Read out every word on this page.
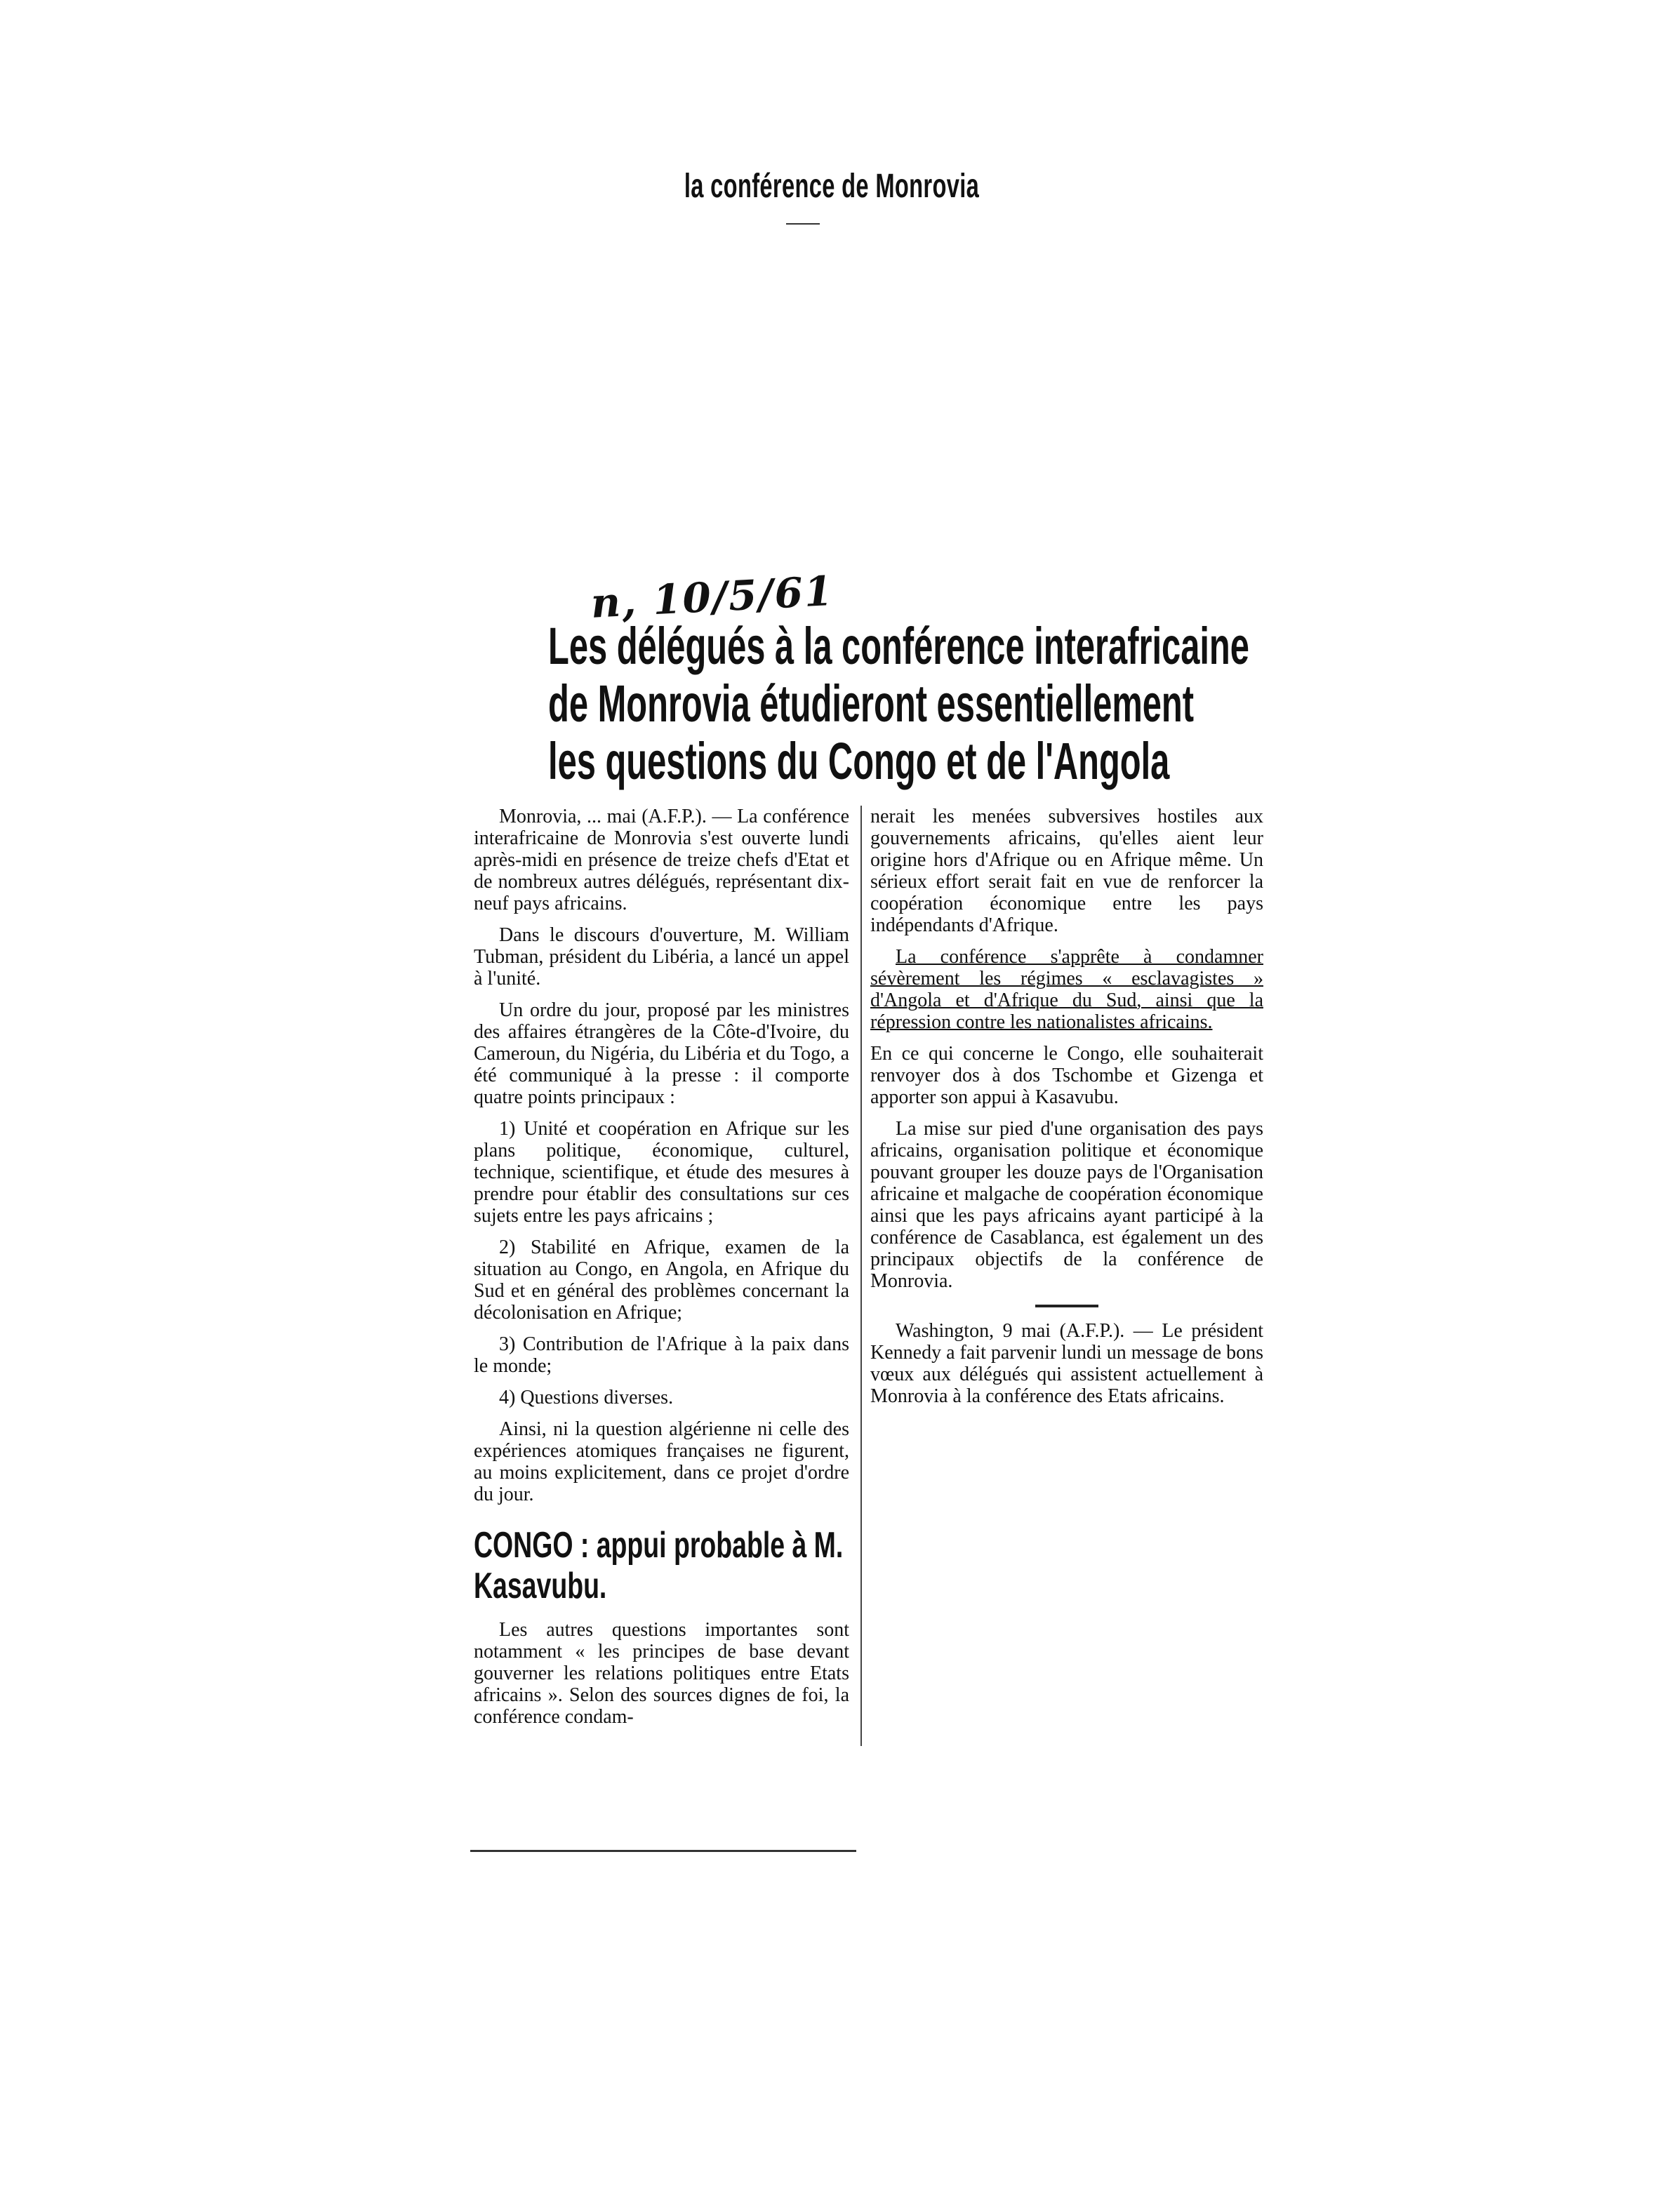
la conférence de Monrovia
n, 10/5/61
Les délégués à la conférence interafricaine
de Monrovia étudieront essentiellement
les questions du Congo et de l'Angola

Monrovia, ... mai (A.F.P.). — La conférence interafricaine de Monrovia s'est ouverte lundi après-midi en présence de treize chefs d'Etat et de nombreux autres délégués, représentant dix-neuf pays africains.

Dans le discours d'ouverture, M. William Tubman, président du Libéria, a lancé un appel à l'unité.

Un ordre du jour, proposé par les ministres des affaires étrangères de la Côte-d'Ivoire, du Cameroun, du Nigéria, du Libéria et du Togo, a été communiqué à la presse : il comporte quatre points principaux :

1) Unité et coopération en Afrique sur les plans politique, économique, culturel, technique, scientifique, et étude des mesures à prendre pour établir des consultations sur ces sujets entre les pays africains ;

2) Stabilité en Afrique, examen de la situation au Congo, en Angola, en Afrique du Sud et en général des problèmes concernant la décolonisation en Afrique;

3) Contribution de l'Afrique à la paix dans le monde;

4) Questions diverses.

Ainsi, ni la question algérienne ni celle des expériences atomiques françaises ne figurent, au moins explicitement, dans ce projet d'ordre du jour.

CONGO : appui probable à M. Kasavubu.

Les autres questions importantes sont notamment « les principes de base devant gouverner les relations politiques entre Etats africains ». Selon des sources dignes de foi, la conférence condam-

nerait les menées subversives hostiles aux gouvernements africains, qu'elles aient leur origine hors d'Afrique ou en Afrique même. Un sérieux effort serait fait en vue de renforcer la coopération économique entre les pays indépendants d'Afrique.

La conférence s'apprête à condamner sévèrement les régimes « esclavagistes » d'Angola et d'Afrique du Sud, ainsi que la répression contre les nationalistes africains.

En ce qui concerne le Congo, elle souhaiterait renvoyer dos à dos Tschombe et Gizenga et apporter son appui à Kasavubu.

La mise sur pied d'une organisation des pays africains, organisation politique et économique pouvant grouper les douze pays de l'Organisation africaine et malgache de coopération économique ainsi que les pays africains ayant participé à la conférence de Casablanca, est également un des principaux objectifs de la conférence de Monrovia.

Washington, 9 mai (A.F.P.). — Le président Kennedy a fait parvenir lundi un message de bons vœux aux délégués qui assistent actuellement à Monrovia à la conférence des Etats africains.
